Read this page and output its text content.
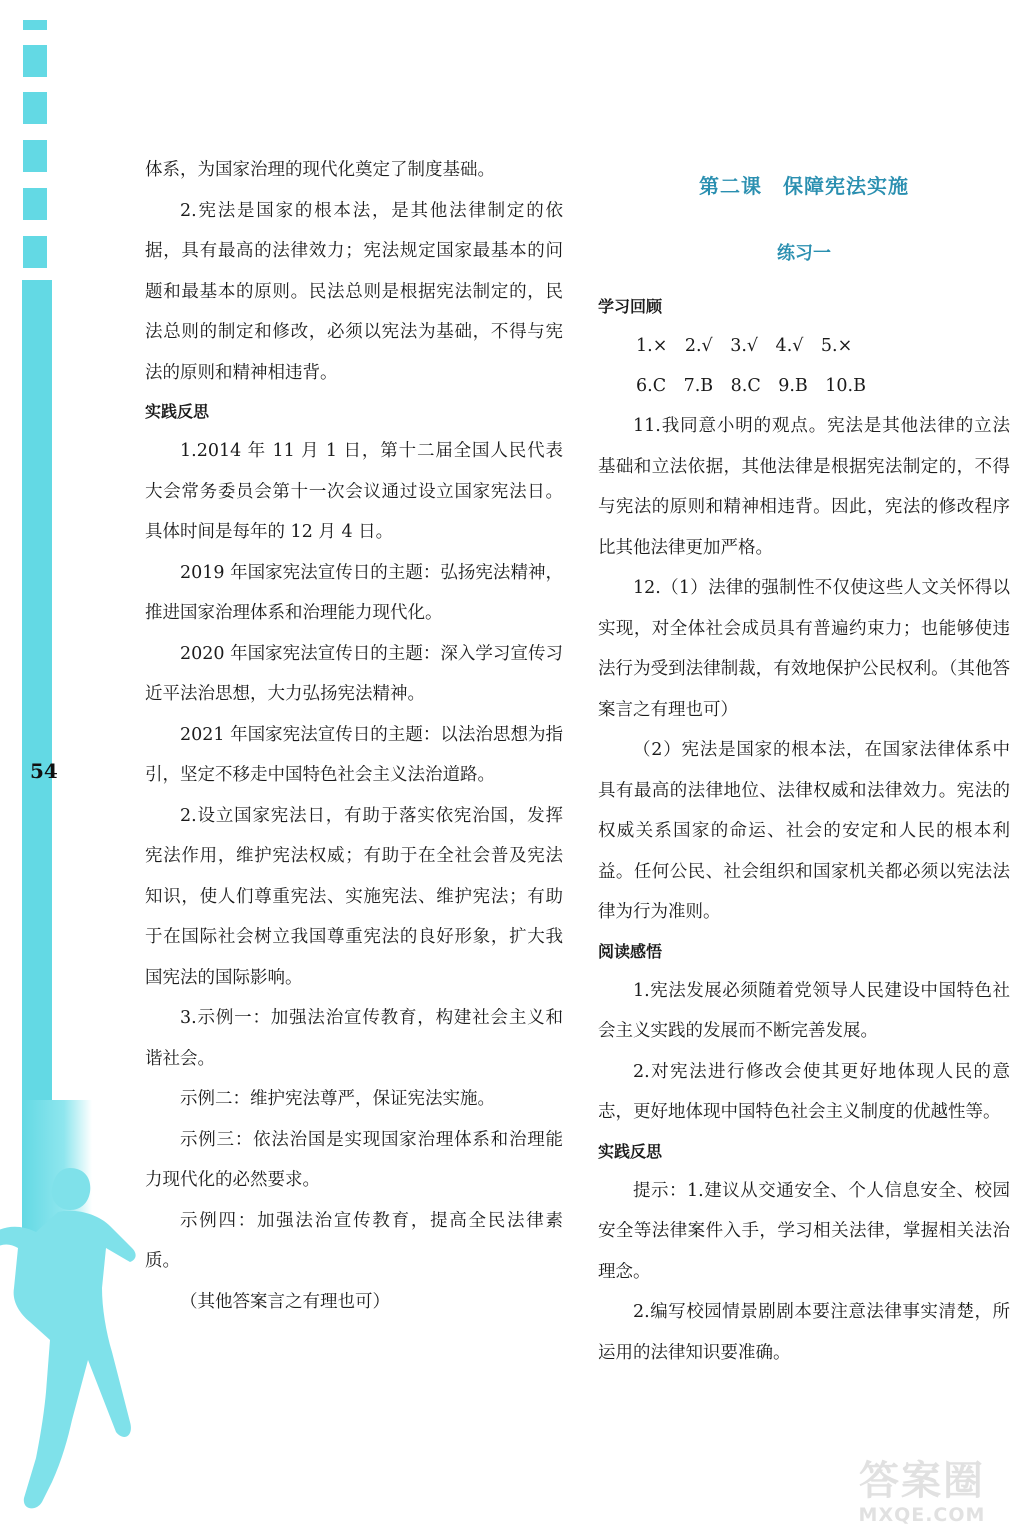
54

体系，为国家治理的现代化奠定了制度基础。

2.宪法是国家的根本法，是其他法律制定的依据，具有最高的法律效力；宪法规定国家最基本的问题和最基本的原则。民法总则是根据宪法制定的，民法总则的制定和修改，必须以宪法为基础，不得与宪法的原则和精神相违背。

实践反思

1.2014 年 11 月 1 日，第十二届全国人民代表大会常务委员会第十一次会议通过设立国家宪法日。具体时间是每年的 12 月 4 日。

2019 年国家宪法宣传日的主题：弘扬宪法精神，推进国家治理体系和治理能力现代化。

2020 年国家宪法宣传日的主题：深入学习宣传习近平法治思想，大力弘扬宪法精神。

2021 年国家宪法宣传日的主题：以法治思想为指引，坚定不移走中国特色社会主义法治道路。

2.设立国家宪法日，有助于落实依宪治国，发挥宪法作用，维护宪法权威；有助于在全社会普及宪法知识，使人们尊重宪法、实施宪法、维护宪法；有助于在国际社会树立我国尊重宪法的良好形象，扩大我国宪法的国际影响。

3.示例一：加强法治宣传教育，构建社会主义和谐社会。

示例二：维护宪法尊严，保证宪法实施。

示例三：依法治国是实现国家治理体系和治理能力现代化的必然要求。

示例四：加强法治宣传教育，提高全民法律素质。

（其他答案言之有理也可）

第二课　保障宪法实施

练习一

学习回顾

1.×　2.√　3.√　4.√　5.×

6.C　7.B　8.C　9.B　10.B

11.我同意小明的观点。宪法是其他法律的立法基础和立法依据，其他法律是根据宪法制定的，不得与宪法的原则和精神相违背。因此，宪法的修改程序比其他法律更加严格。

12.（1）法律的强制性不仅使这些人文关怀得以实现，对全体社会成员具有普遍约束力；也能够使违法行为受到法律制裁，有效地保护公民权利。（其他答案言之有理也可）

（2）宪法是国家的根本法，在国家法律体系中具有最高的法律地位、法律权威和法律效力。宪法的权威关系国家的命运、社会的安定和人民的根本利益。任何公民、社会组织和国家机关都必须以宪法法律为行为准则。

阅读感悟

1.宪法发展必须随着党领导人民建设中国特色社会主义实践的发展而不断完善发展。

2.对宪法进行修改会使其更好地体现人民的意志，更好地体现中国特色社会主义制度的优越性等。

实践反思

提示：1.建议从交通安全、个人信息安全、校园安全等法律案件入手，学习相关法律，掌握相关法治理念。

2.编写校园情景剧剧本要注意法律事实清楚，所运用的法律知识要准确。

答案圈
MXQE.COM
